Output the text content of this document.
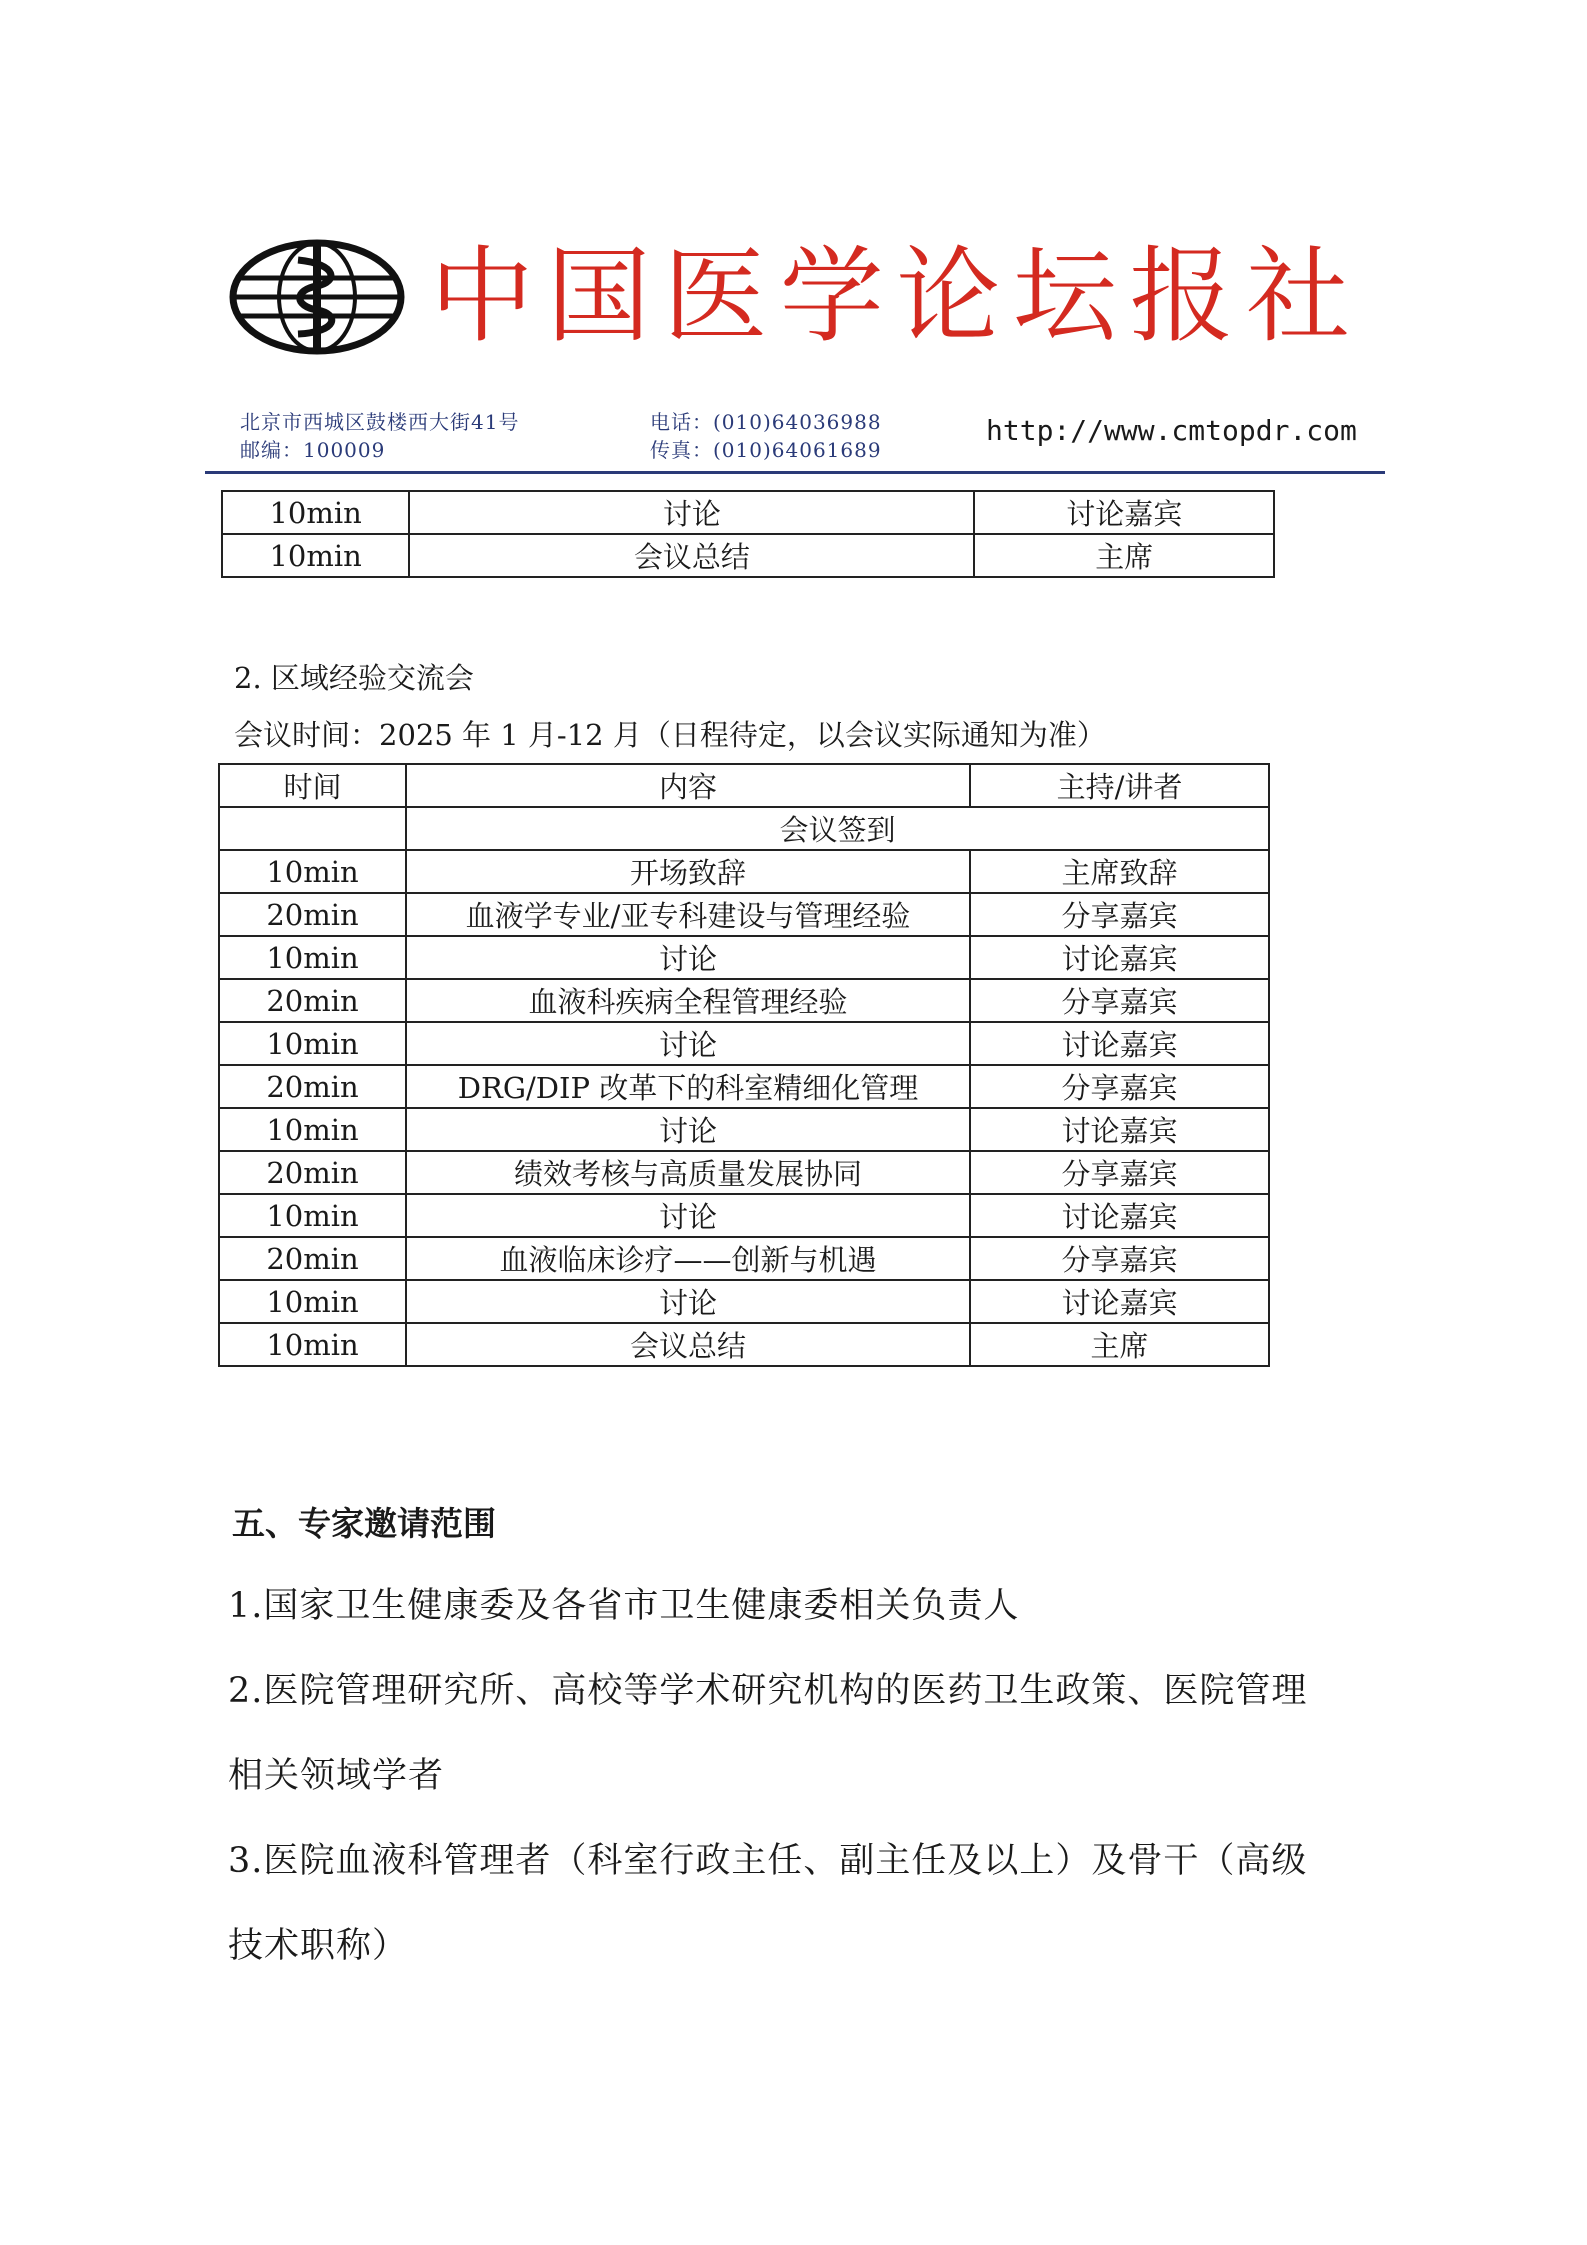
中 国 医 学 论 坛 报 社
北京市西城区鼓楼西大街41号
邮编：100009
电话：(010)64036988
传真：(010)64061689
http://www.cmtopdr.com
10min	讨论	讨论嘉宾
10min	会议总结	主席
2. 区域经验交流会
会议时间：2025 年 1 月-12 月（日程待定，以会议实际通知为准）
时间	内容	主持/讲者
	会议签到	
10min	开场致辞	主席致辞
20min	血液学专业/亚专科建设与管理经验	分享嘉宾
10min	讨论	讨论嘉宾
20min	血液科疾病全程管理经验	分享嘉宾
10min	讨论	讨论嘉宾
20min	DRG/DIP 改革下的科室精细化管理	分享嘉宾
10min	讨论	讨论嘉宾
20min	绩效考核与高质量发展协同	分享嘉宾
10min	讨论	讨论嘉宾
20min	血液临床诊疗——创新与机遇	分享嘉宾
10min	讨论	讨论嘉宾
10min	会议总结	主席
五、专家邀请范围
1.国家卫生健康委及各省市卫生健康委相关负责人
2.医院管理研究所、高校等学术研究机构的医药卫生政策、医院管理
相关领域学者
3.医院血液科管理者（科室行政主任、副主任及以上）及骨干（高级
技术职称）
